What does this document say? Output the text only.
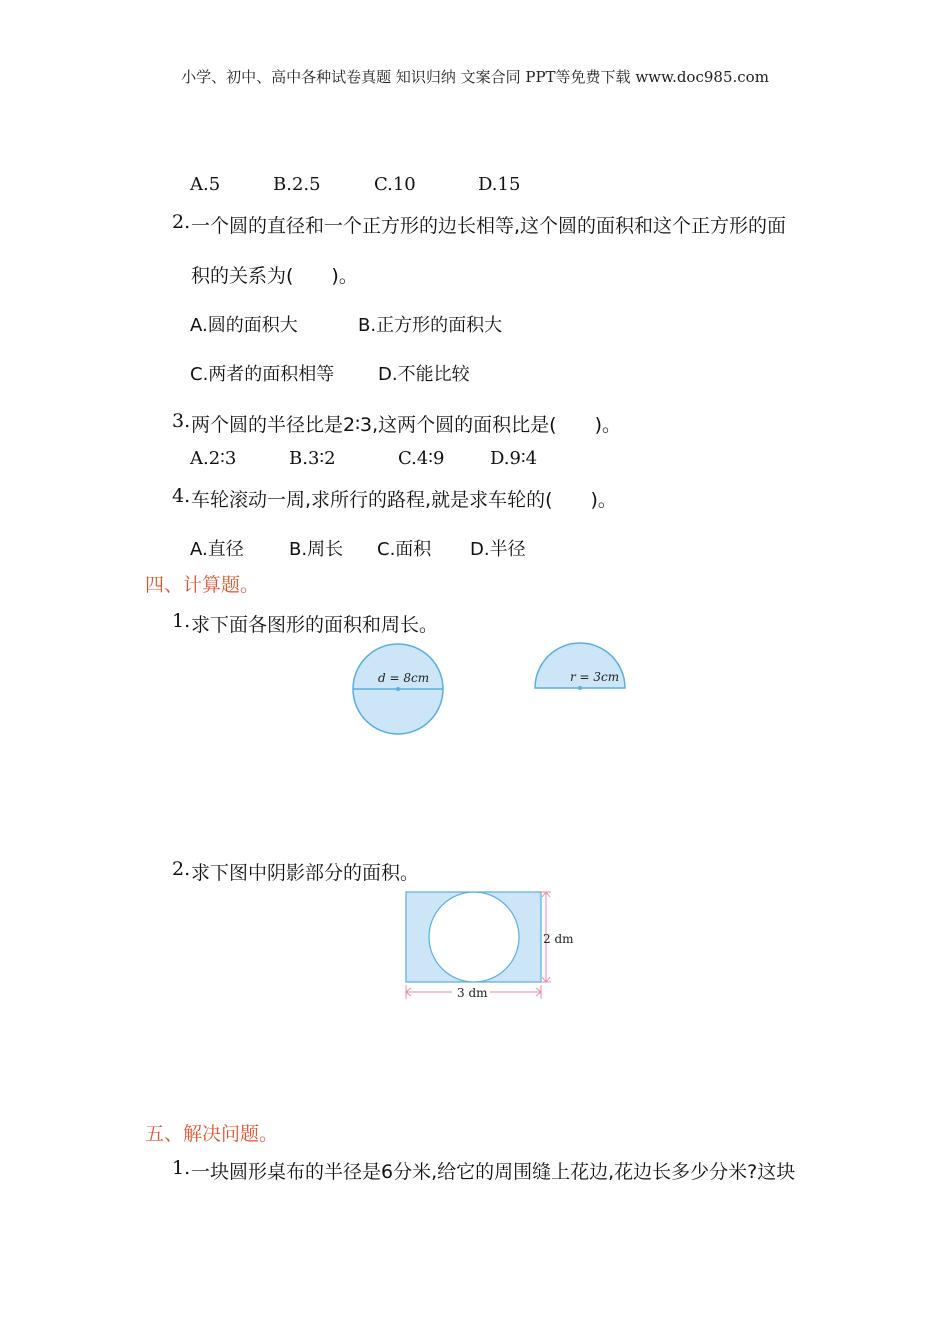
小学、初中、高中各种试卷真题 知识归纳 文案合同 PPT等免费下载 www.doc985.com
A.5	B.2.5	C.10	D.15
2. 一个圆的直径和一个正方形的边长相等,这个圆的面积和这个正方形的面
积的关系为(　　)。
A.圆的面积大	B.正方形的面积大
C.两者的面积相等 D.不能比较
3. 两个圆的半径比是2∶3,这两个圆的面积比是(　　)。
A.2∶3	B.3∶2	C.4∶9	D.9∶4
4. 车轮滚动一周,求所行的路程,就是求车轮的(　　)。
A.直径	B.周长 C.面积 D.半径
四、计算题。
1. 求下面各图形的面积和周长。
d = 8cm	r = 3cm
2. 求下图中阴影部分的面积。
2 dm
3 dm
五、解决问题。
1. 一块圆形桌布的半径是6分米,给它的周围缝上花边,花边长多少分米?这块
